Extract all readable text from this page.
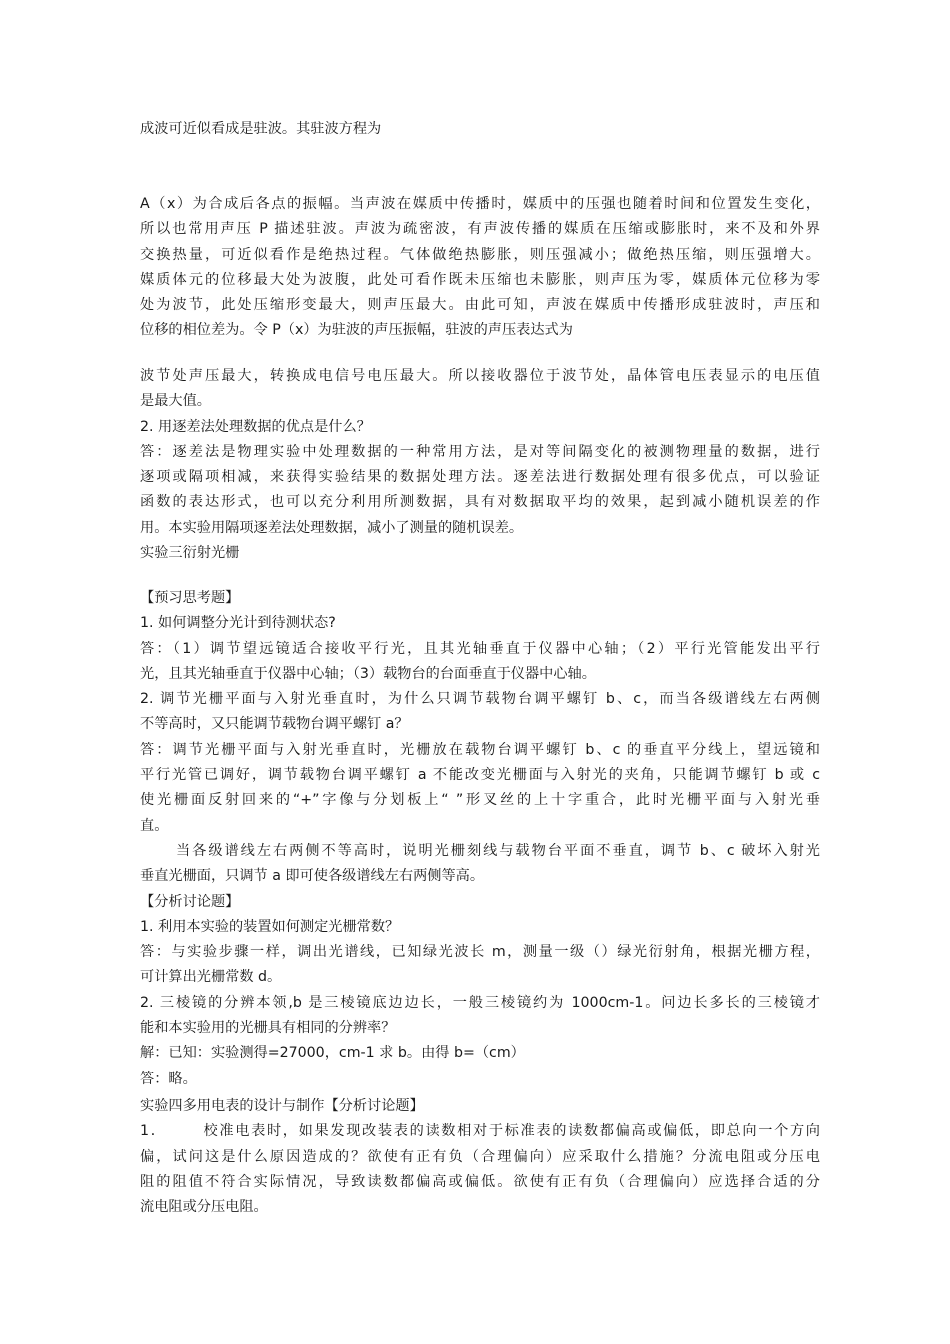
成波可近似看成是驻波。其驻波方程为
A（x）为合成后各点的振幅。当声波在媒质中传播时，媒质中的压强也随着时间和位置发生变化，
所以也常用声压 P 描述驻波。声波为疏密波，有声波传播的媒质在压缩或膨胀时，来不及和外界
交换热量，可近似看作是绝热过程。气体做绝热膨胀，则压强减小；做绝热压缩，则压强增大。
媒质体元的位移最大处为波腹，此处可看作既未压缩也未膨胀，则声压为零，媒质体元位移为零
处为波节，此处压缩形变最大，则声压最大。由此可知，声波在媒质中传播形成驻波时，声压和
位移的相位差为。令 P（x）为驻波的声压振幅，驻波的声压表达式为
波节处声压最大，转换成电信号电压最大。所以接收器位于波节处，晶体管电压表显示的电压值
是最大值。
2. 用逐差法处理数据的优点是什么？
答：逐差法是物理实验中处理数据的一种常用方法，是对等间隔变化的被测物理量的数据，进行
逐项或隔项相减，来获得实验结果的数据处理方法。逐差法进行数据处理有很多优点，可以验证
函数的表达形式，也可以充分利用所测数据，具有对数据取平均的效果，起到减小随机误差的作
用。本实验用隔项逐差法处理数据，减小了测量的随机误差。
实验三衍射光栅
【预习思考题】
1. 如何调整分光计到待测状态?
答：（1）调节望远镜适合接收平行光，且其光轴垂直于仪器中心轴；（2）平行光管能发出平行
光，且其光轴垂直于仪器中心轴；（3）载物台的台面垂直于仪器中心轴。
2. 调节光栅平面与入射光垂直时，为什么只调节载物台调平螺钉 b、c，而当各级谱线左右两侧
不等高时，又只能调节载物台调平螺钉 a？
答：调节光栅平面与入射光垂直时，光栅放在载物台调平螺钉 b、c 的垂直平分线上，望远镜和
平行光管已调好，调节载物台调平螺钉 a 不能改变光栅面与入射光的夹角，只能调节螺钉 b 或 c
使光栅面反射回来的“+”字像与分划板上“ ”形叉丝的上十字重合，此时光栅平面与入射光垂
直。
当各级谱线左右两侧不等高时，说明光栅刻线与载物台平面不垂直，调节 b、c 破坏入射光
垂直光栅面，只调节 a 即可使各级谱线左右两侧等高。
【分析讨论题】
1. 利用本实验的装置如何测定光栅常数？
答：与实验步骤一样，调出光谱线，已知绿光波长 m，测量一级（）绿光衍射角，根据光栅方程，
可计算出光栅常数 d。
2. 三棱镜的分辨本领,b 是三棱镜底边边长，一般三棱镜约为 1000cm-1。问边长多长的三棱镜才
能和本实验用的光栅具有相同的分辨率？
解：已知：实验测得=27000，cm-1 求 b。由得 b=（cm）
答：略。
实验四多用电表的设计与制作【分析讨论题】
1．      校准电表时，如果发现改装表的读数相对于标准表的读数都偏高或偏低，即总向一个方向
偏，试问这是什么原因造成的？欲使有正有负（合理偏向）应采取什么措施？分流电阻或分压电
阻的阻值不符合实际情况，导致读数都偏高或偏低。欲使有正有负（合理偏向）应选择合适的分
流电阻或分压电阻。
